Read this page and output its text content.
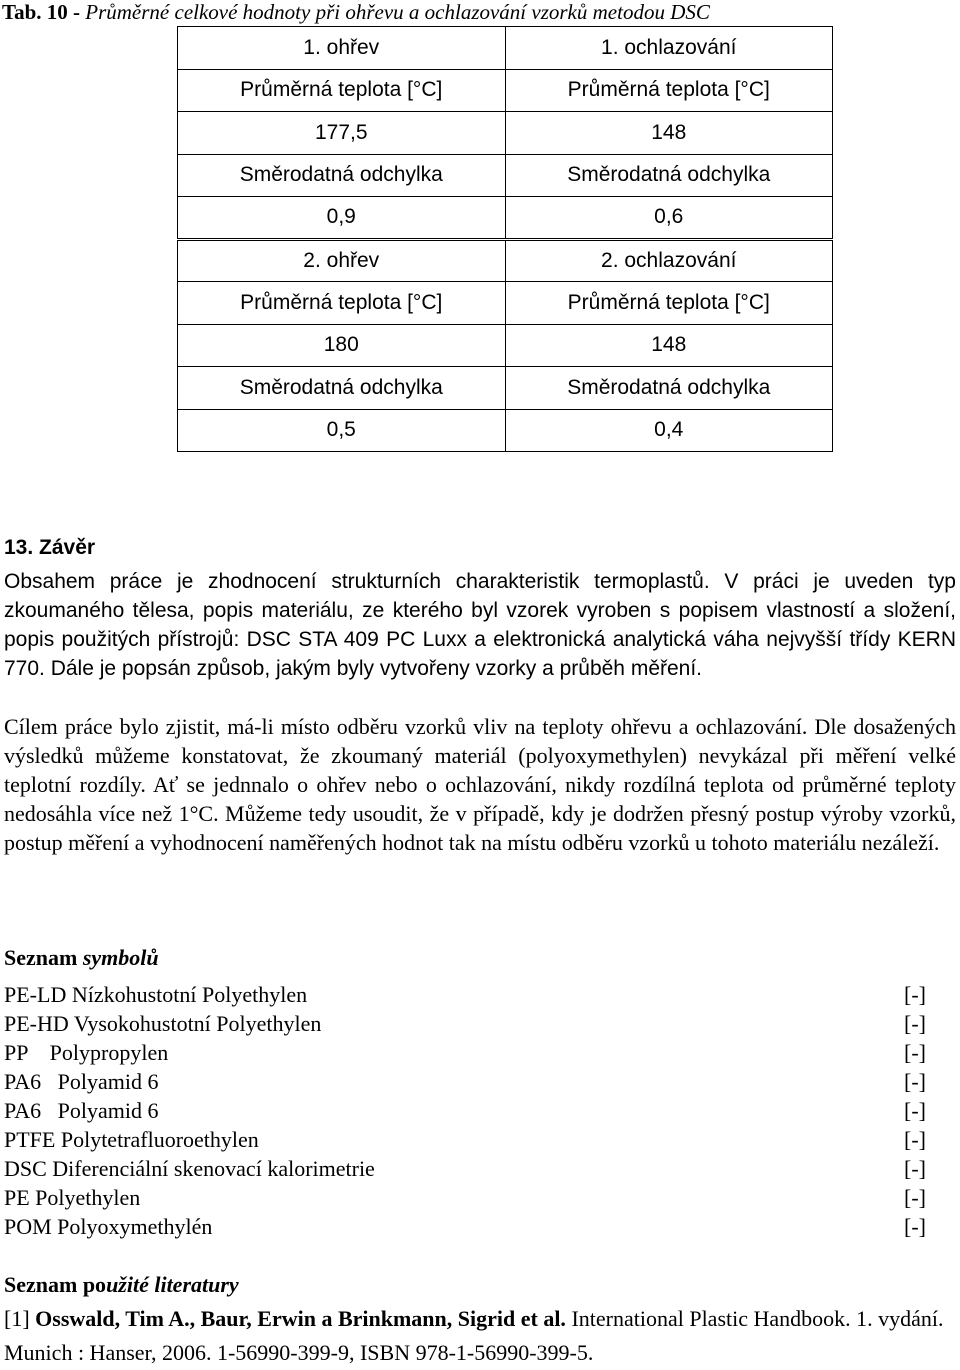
Tab. 10 - Průměrné celkové hodnoty při ohřevu a ochlazování vzorků metodou DSC
1. ohřev	1. ochlazování
Průměrná teplota [°C]	Průměrná teplota [°C]
177,5	148
Směrodatná odchylka	Směrodatná odchylka
0,9	0,6
2. ohřev	2. ochlazování
Průměrná teplota [°C]	Průměrná teplota [°C]
180	148
Směrodatná odchylka	Směrodatná odchylka
0,5	0,4
13. Závěr
Obsahem práce je zhodnocení strukturních charakteristik termoplastů. V práci je uveden typ zkoumaného tělesa, popis materiálu, ze kterého byl vzorek vyroben s popisem vlastností a složení, popis použitých přístrojů: DSC STA 409 PC Luxx a elektronická analytická váha nejvyšší třídy KERN 770. Dále je popsán způsob, jakým byly vytvořeny vzorky a průběh měření.
Cílem práce bylo zjistit, má-li místo odběru vzorků vliv na teploty ohřevu a ochlazování. Dle dosažených výsledků můžeme konstatovat, že zkoumaný materiál (polyoxymethylen) nevykázal při měření velké teplotní rozdíly. Ať se jednnalo o ohřev nebo o ochlazování, nikdy rozdílná teplota od průměrné teploty nedosáhla více než 1°C. Můžeme tedy usoudit, že v případě, kdy je dodržen přesný postup výroby vzorků, postup měření a vyhodnocení naměřených hodnot tak na místu odběru vzorků u tohoto materiálu nezáleží.
Seznam symbolů
PE-LD Nízkohustotní Polyethylen	[-]
PE-HD Vysokohustotní Polyethylen	[-]
PP    Polypropylen	[-]
PA6   Polyamid 6	[-]
PA6   Polyamid 6	[-]
PTFE Polytetrafluoroethylen	[-]
DSC Diferenciální skenovací kalorimetrie	[-]
PE Polyethylen	[-]
POM Polyoxymethylén	[-]
Seznam použité literatury
[1] Osswald, Tim A., Baur, Erwin a Brinkmann, Sigrid et al. International Plastic Handbook. 1. vydání. Munich : Hanser, 2006. 1-56990-399-9, ISBN 978-1-56990-399-5.
